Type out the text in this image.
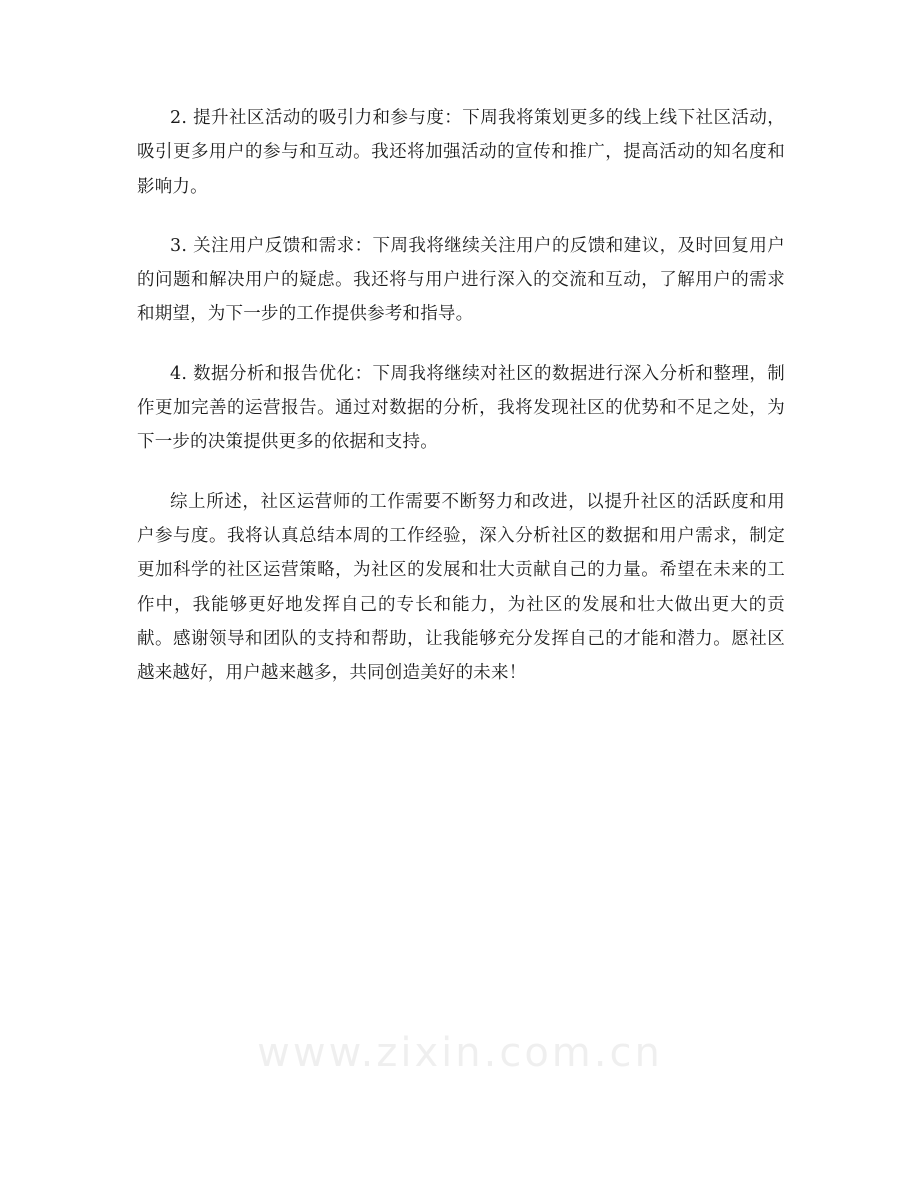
2. 提升社区活动的吸引力和参与度：下周我将策划更多的线上线下社区活动，吸引更多用户的参与和互动。我还将加强活动的宣传和推广，提高活动的知名度和影响力。

3. 关注用户反馈和需求：下周我将继续关注用户的反馈和建议，及时回复用户的问题和解决用户的疑虑。我还将与用户进行深入的交流和互动，了解用户的需求和期望，为下一步的工作提供参考和指导。

4. 数据分析和报告优化：下周我将继续对社区的数据进行深入分析和整理，制作更加完善的运营报告。通过对数据的分析，我将发现社区的优势和不足之处，为下一步的决策提供更多的依据和支持。

综上所述，社区运营师的工作需要不断努力和改进，以提升社区的活跃度和用户参与度。我将认真总结本周的工作经验，深入分析社区的数据和用户需求，制定更加科学的社区运营策略，为社区的发展和壮大贡献自己的力量。希望在未来的工作中，我能够更好地发挥自己的专长和能力，为社区的发展和壮大做出更大的贡献。感谢领导和团队的支持和帮助，让我能够充分发挥自己的才能和潜力。愿社区越来越好，用户越来越多，共同创造美好的未来！

www.zixin.com.cn
